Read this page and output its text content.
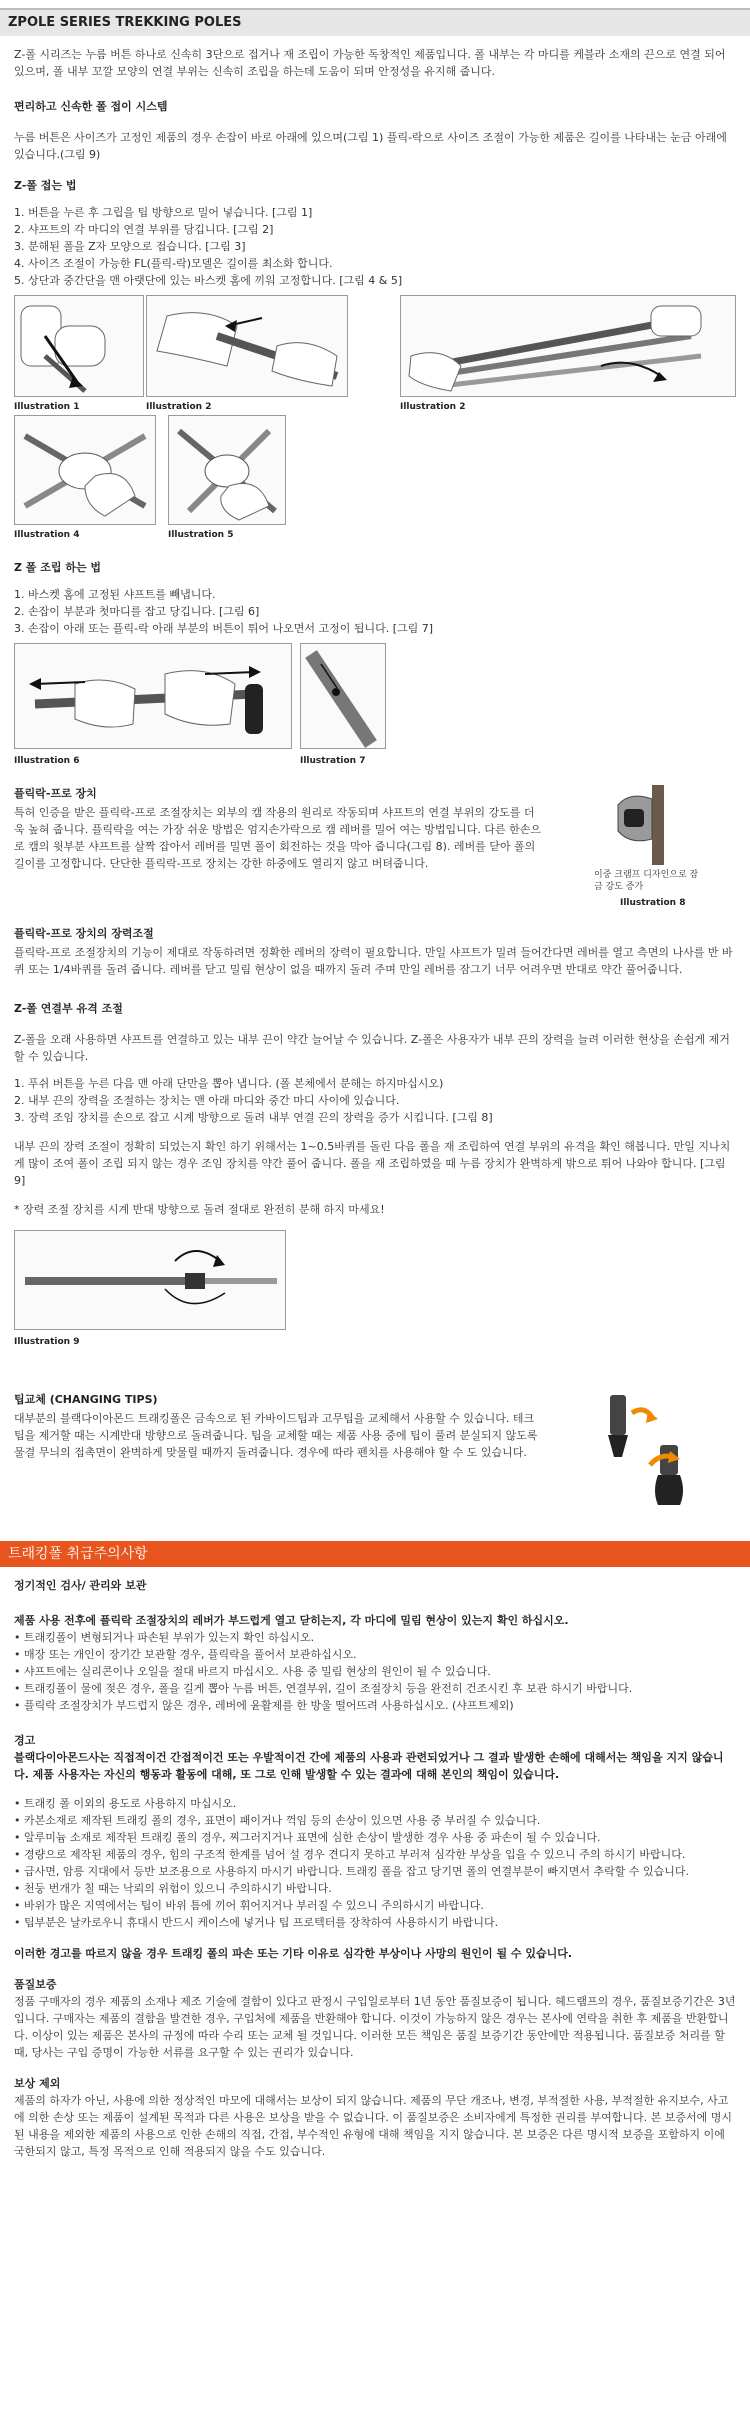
ZPOLE SERIES TREKKING POLES

Z-폴 시리즈는 누름 버튼 하나로 신속히 3단으로 접거나 재 조립이 가능한 독창적인 제품입니다. 폴 내부는 각 마디를 케블라 소재의 끈으로 연결 되어 있으며, 폴 내부 꼬깔 모양의 연결 부위는 신속히 조립을 하는데 도움이 되며 안정성을 유지해 줍니다.

편리하고 신속한 폴 접이 시스템

누름 버튼은 사이즈가 고정인 제품의 경우 손잡이 바로 아래에 있으며(그림 1) 플릭-락으로 사이즈 조절이 가능한 제품은 길이를 나타내는 눈금 아래에 있습니다.(그림 9)

Z-폴 접는 법

1. 버튼을 누른 후 그립을 팁 방향으로 밀어 넣습니다. [그림 1]
2. 샤프트의 각 마디의 연결 부위를 당깁니다. [그림 2]
3. 분해된 폴을 Z자 모양으로 접습니다. [그림 3]
4. 사이즈 조절이 가능한 FL(플릭-락)모델은 길이를 최소화 합니다.
5. 상단과 중간단을 맨 아랫단에 있는 바스켓 홈에 끼워 고정합니다. [그림 4 & 5]
Illustration 1	Illustration 2	Illustration 2
Illustration 4	Illustration 5

Z 폴 조립 하는 법

1. 바스켓 홈에 고정된 샤프트를 빼냅니다.
2. 손잡이 부분과 첫마디를 잡고 당깁니다. [그림 6]
3. 손잡이 아래 또는 플릭-락 아래 부분의 버튼이 튀어 나오면서 고정이 됩니다. [그림 7]
Illustration 6	Illustration 7

플릭락-프로 장치

특허 인증을 받은 플릭락-프로 조절장치는 외부의 캠 작용의 원리로 작동되며 샤프트의 연결 부위의 강도를 더욱 높혀 줍니다. 플릭락을 여는 가장 쉬운 방법은 엄지손가락으로 캠 레버를 밀어 여는 방법입니다. 다른 한손으로 캠의 윗부분 샤프트를 살짝 잡아서 레버를 밀면 폴이 회전하는 것을 막아 줍니다(그림 8). 레버를 닫아 폴의 길이를 고정합니다. 단단한 플릭락-프로 장치는 강한 하중에도 열리지 않고 버텨줍니다.

이중 크램프 디자인으로 잠금 강도 증가
Illustration 8

플릭락-프로 장치의 장력조절

플릭락-프로 조절장치의 기능이 제대로 작동하려면 정확한 레버의 장력이 필요합니다. 만일 샤프트가 밀려 들어간다면 레버를 열고 측면의 나사를 반 바퀴 또는 1/4바퀴를 돌려 줍니다. 레버를 닫고 밀림 현상이 없을 때까지 돌려 주며 만일 레버를 잠그기 너무 어려우면 반대로 약간 풀어줍니다.

Z-폴 연결부 유격 조절

Z-폴을 오래 사용하면 샤프트를 연결하고 있는 내부 끈이 약간 늘어날 수 있습니다. Z-폴은 사용자가 내부 끈의 장력을 늘려 이러한 현상을 손쉽게 제거 할 수 있습니다.

1. 푸쉬 버튼을 누른 다음 맨 아래 단만을 뽑아 냅니다. (폴 본체에서 분해는 하지마십시오)
2. 내부 끈의 장력을 조절하는 장치는 맨 아래 마디와 중간 마디 사이에 있습니다.
3. 장력 조임 장치를 손으로 잡고 시계 방향으로 돌려 내부 연결 끈의 장력을 증가 시킵니다. [그림 8]

내부 끈의 장력 조절이 정확히 되었는지 확인 하기 위해서는 1~0.5바퀴를 돌린 다음 폴을 재 조립하여 연결 부위의 유격을 확인 해봅니다. 만일 지나치게 많이 조여 폴이 조립 되지 않는 경우 조임 장치를 약간 풀어 줍니다. 폴을 재 조립하였을 때 누름 장치가 완벽하게 밖으로 튀어 나와야 합니다. [그림 9]

* 장력 조절 장치를 시계 반대 방향으로 돌려 절대로 완전히 분해 하지 마세요!

Illustration 9

팁교체 (CHANGING TIPS)

대부분의 블랙다이아몬드 트래킹폴은 금속으로 된 카바이드팁과 고무팁을 교체해서 사용할 수 있습니다. 테크팁을 제거할 때는 시계반대 방향으로 돌려줍니다. 팁을 교체할 때는 제품 사용 중에 팁이 풀려 분실되지 않도록 물결 무늬의 접촉면이 완벽하게 맞물릴 때까지 돌려줍니다. 경우에 따라 펜치를 사용해야 할 수 도 있습니다.

트래킹폴 취급주의사항

정기적인 검사/ 관리와 보관

제품 사용 전후에 플릭락 조절장치의 레버가 부드럽게 열고 닫히는지, 각 마디에 밀림 현상이 있는지 확인 하십시오.

• 트래킹폴이 변형되거나 파손된 부위가 있는지 확인 하십시오.
• 매장 또는 개인이 장기간 보관할 경우, 플릭락을 풀어서 보관하십시오.
• 샤프트에는 실리콘이나 오일을 절대 바르지 마십시오. 사용 중 밀림 현상의 원인이 될 수 있습니다.
• 트래킹폴이 물에 젖은 경우, 폴을 길게 뽑아 누름 버튼, 연결부위, 길이 조절장치 등을 완전히 건조시킨 후 보관 하시기 바랍니다.
• 플릭락 조절장치가 부드럽지 않은 경우, 레버에 윤활제를 한 방울 떨어뜨려 사용하십시오. (샤프트제외)

경고

블랙다이아몬드사는 직접적이건 간접적이건 또는 우발적이건 간에 제품의 사용과 관련되었거나 그 결과 발생한 손해에 대해서는 책임을 지지 않습니다. 제품 사용자는 자신의 행동과 활동에 대해, 또 그로 인해 발생할 수 있는 결과에 대해 본인의 책임이 있습니다.

• 트래킹 폴 이외의 용도로 사용하지 마십시오.
• 카본소재로 제작된 트래킹 폴의 경우, 표면이 패이거나 꺽임 등의 손상이 있으면 사용 중 부러질 수 있습니다.
• 알루미늄 소재로 제작된 트래킹 폴의 경우, 찌그러지거나 표면에 심한 손상이 발생한 경우 사용 중 파손이 될 수 있습니다.
• 경량으로 제작된 제품의 경우, 힘의 구조적 한계를 넘어 설 경우 견디지 못하고 부러져 심각한 부상을 입을 수 있으니 주의 하시기 바랍니다.
• 급사면, 암릉 지대에서 등반 보조용으로 사용하지 마시기 바랍니다. 트래킹 폴을 잡고 당기면 폴의 연결부분이 빠지면서 추락할 수 있습니다.
• 천둥 번개가 칠 때는 낙뢰의 위험이 있으니 주의하시기 바랍니다.
• 바위가 많은 지역에서는 팁이 바위 틈에 끼어 휘어지거나 부러질 수 있으니 주의하시기 바랍니다.
• 팁부분은 날카로우니 휴대시 반드시 케이스에 넣거나 팁 프로텍터를 장착하여 사용하시기 바랍니다.

이러한 경고를 따르지 않을 경우 트래킹 폴의 파손 또는 기타 이유로 심각한 부상이나 사망의 원인이 될 수 있습니다.

품질보증

정품 구매자의 경우 제품의 소재나 제조 기술에 결함이 있다고 판정시 구입일로부터 1년 동안 품질보증이 됩니다. 헤드램프의 경우, 품질보증기간은 3년입니다. 구매자는 제품의 결함을 발견한 경우, 구입처에 제품을 반환해야 합니다. 이것이 가능하지 않은 경우는 본사에 연락을 취한 후 제품을 반환합니다. 이상이 있는 제품은 본사의 규정에 따라 수리 또는 교체 될 것입니다. 이러한 모든 책임은 품질 보증기간 동안에만 적용됩니다. 품질보증 처리를 할 때, 당사는 구입 증명이 가능한 서류를 요구할 수 있는 권리가 있습니다.

보상 제외

제품의 하자가 아닌, 사용에 의한 정상적인 마모에 대해서는 보상이 되지 않습니다. 제품의 무단 개조나, 변경, 부적절한 사용, 부적절한 유지보수, 사고에 의한 손상 또는 제품이 설계된 목적과 다른 사용은 보상을 받을 수 없습니다. 이 품질보증은 소비자에게 특정한 권리를 부여합니다. 본 보증서에 명시된 내용을 제외한 제품의 사용으로 인한 손해의 직접, 간접, 부수적인 유형에 대해 책임을 지지 않습니다. 본 보증은 다른 명시적 보증을 포함하지 이에 국한되지 않고, 특정 목적으로 인해 적용되지 않을 수도 있습니다.
